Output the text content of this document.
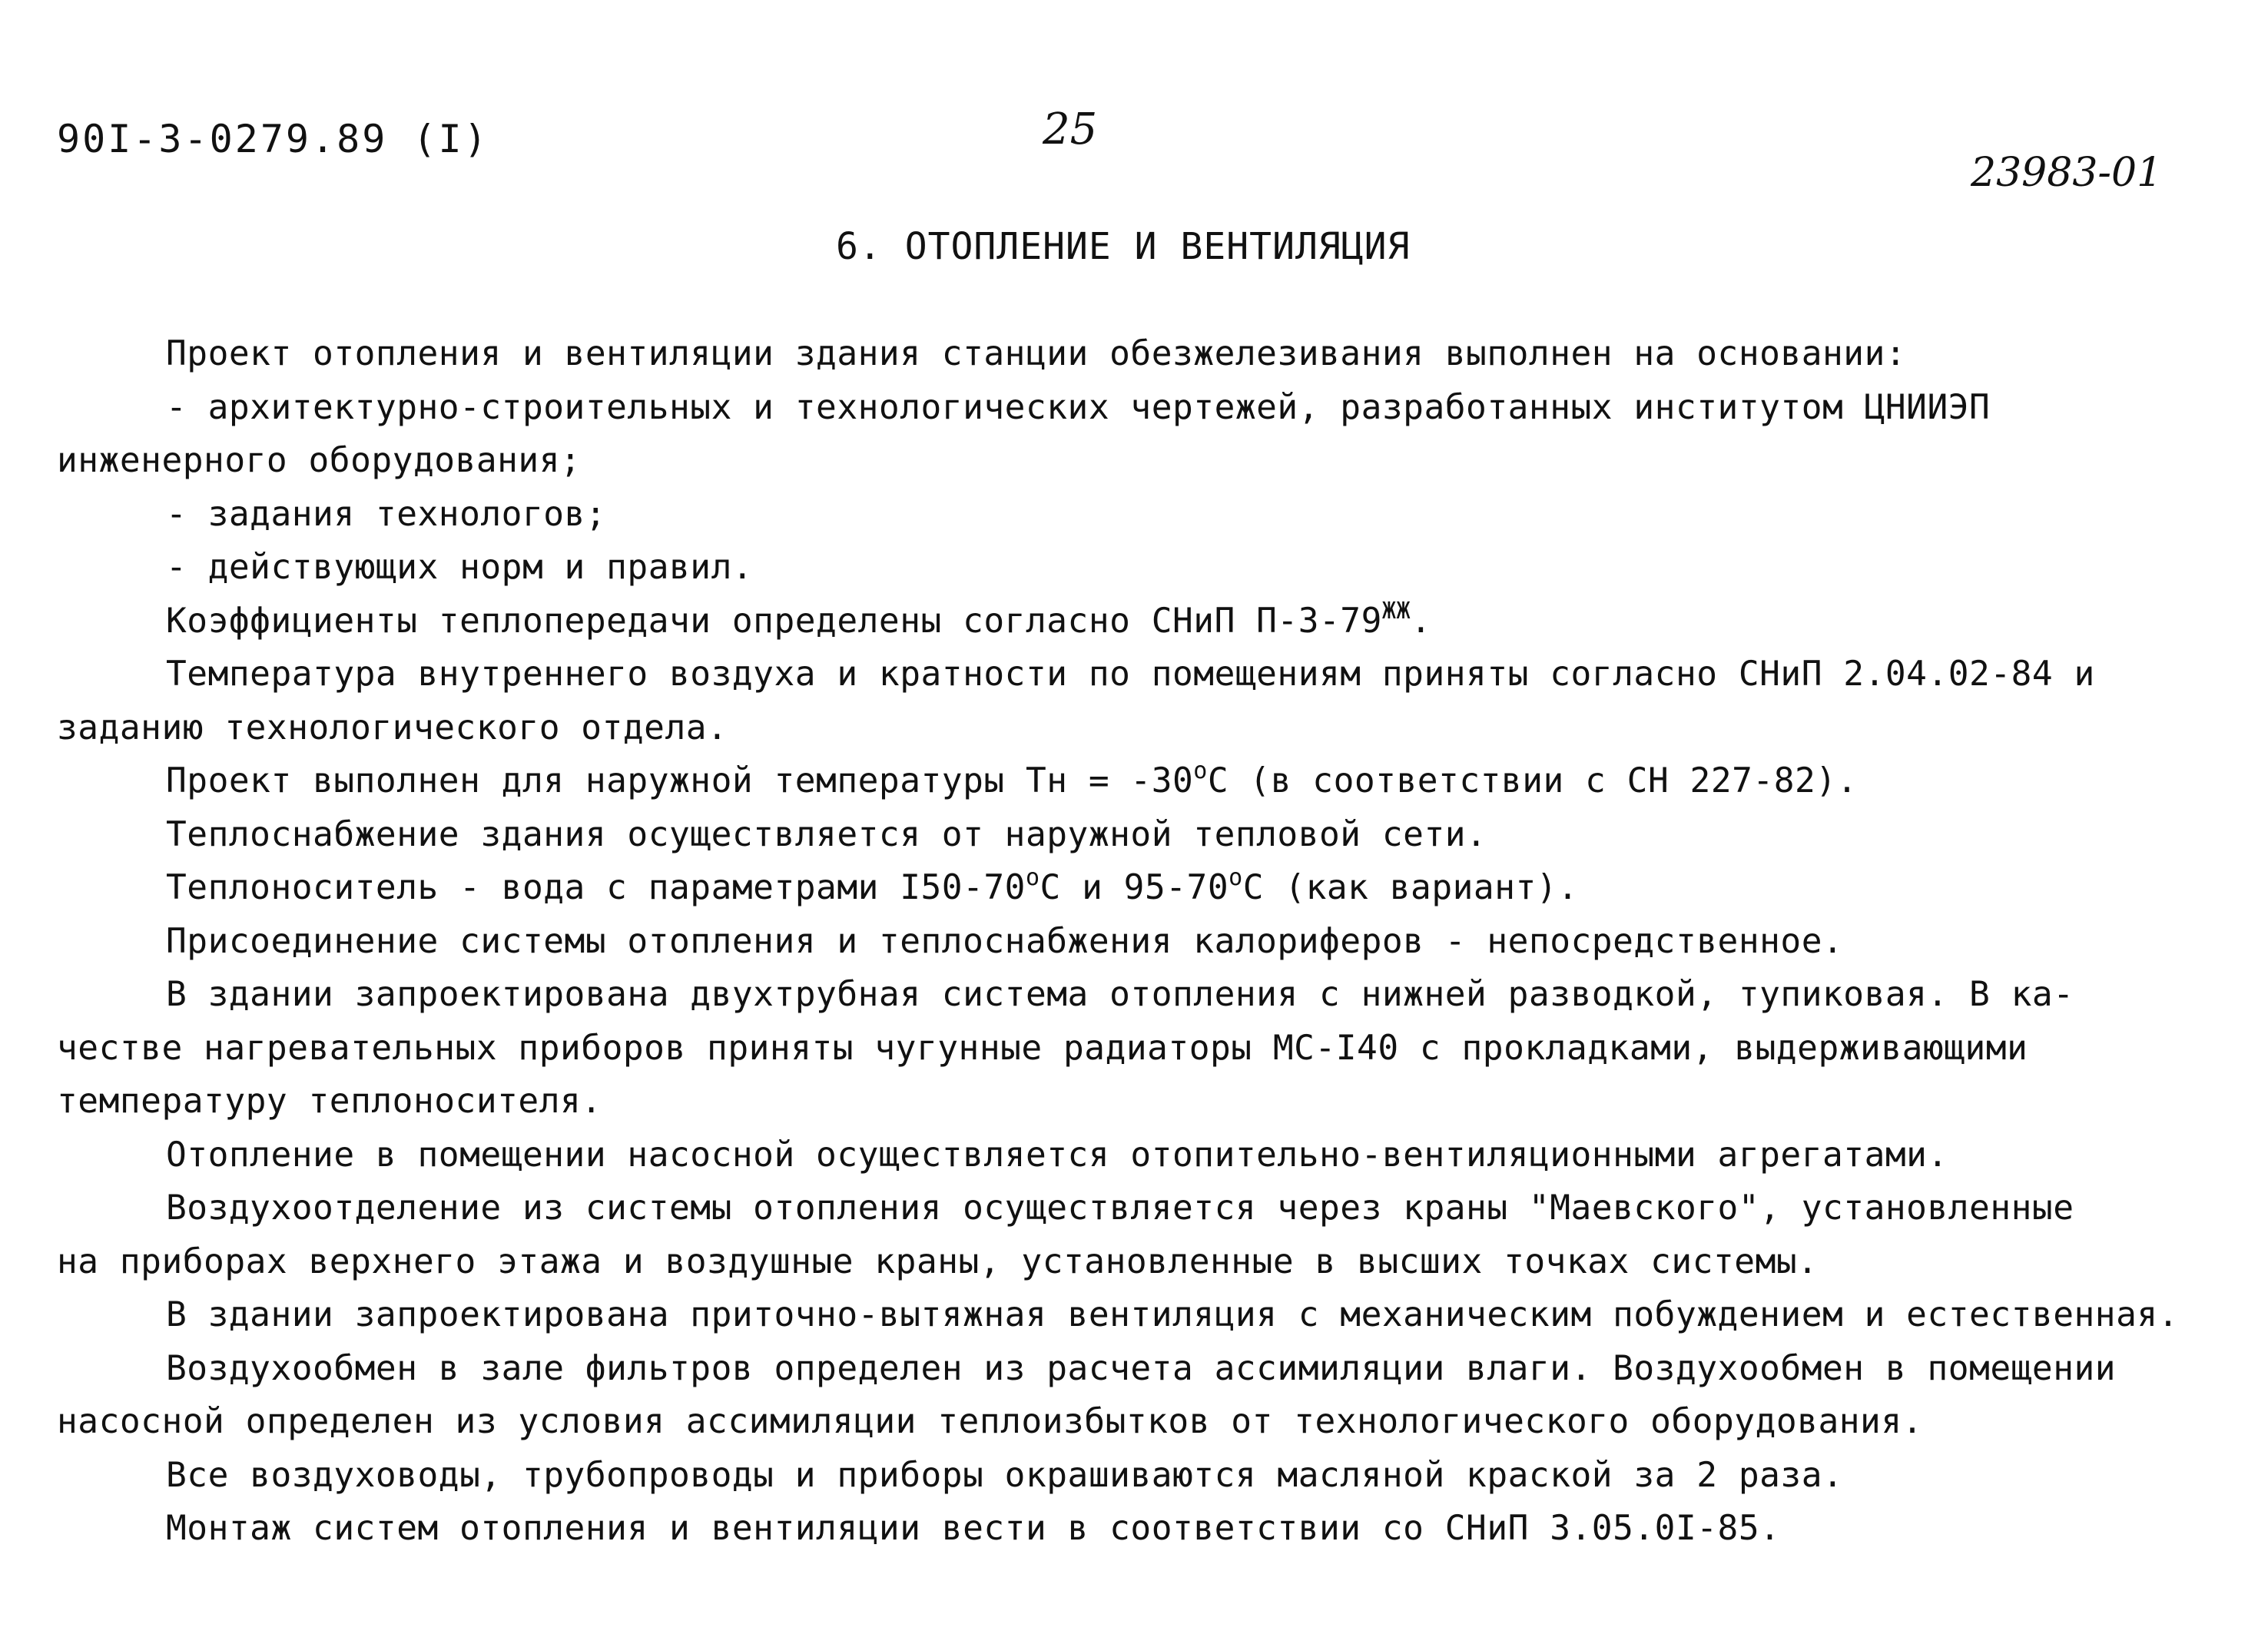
90I-3-0279.89 (I)	25
23983-01
6. ОТОПЛЕНИЕ И ВЕНТИЛЯЦИЯ
Проект отопления и вентиляции здания станции обезжелезивания выполнен на основании:
- архитектурно-строительных и технологических чертежей, разработанных институтом ЦНИИЭП
инженерного оборудования;
- задания технологов;
- действующих норм и правил.
Коэффициенты теплопередачи определены согласно СНиП $П-3-79^{ЖЖ}$.
Температура внутреннего воздуха и кратности по помещениям приняты согласно СНиП 2.04.02-84 и
заданию технологического отдела.
Проект выполнен для наружной температуры Тн = $-30^оС$ (в соответствии с СН 227-82).
Теплоснабжение здания осуществляется от наружной тепловой сети.
Теплоноситель - вода с параметрами $I50-70^оС$ и $95-70^оС$ (как вариант).
Присоединение системы отопления и теплоснабжения калориферов - непосредственное.
В здании запроектирована двухтрубная система отопления с нижней разводкой, тупиковая. В ка-
честве нагревательных приборов приняты чугунные радиаторы МС-I40 с прокладками, выдерживающими
температуру теплоносителя.
Отопление в помещении насосной осуществляется отопительно-вентиляционными агрегатами.
Воздухоотделение из системы отопления осуществляется через краны "Маевского", установленные
на приборах верхнего этажа и воздушные краны, установленные в высших точках системы.
В здании запроектирована приточно-вытяжная вентиляция с механическим побуждением и естественная.
Воздухообмен в зале фильтров определен из расчета ассимиляции влаги. Воздухообмен в помещении
насосной определен из условия ассимиляции теплоизбытков от технологического оборудования.
Все воздуховоды, трубопроводы и приборы окрашиваются масляной краской за 2 раза.
Монтаж систем отопления и вентиляции вести в соответствии со СНиП 3.05.0I-85.
